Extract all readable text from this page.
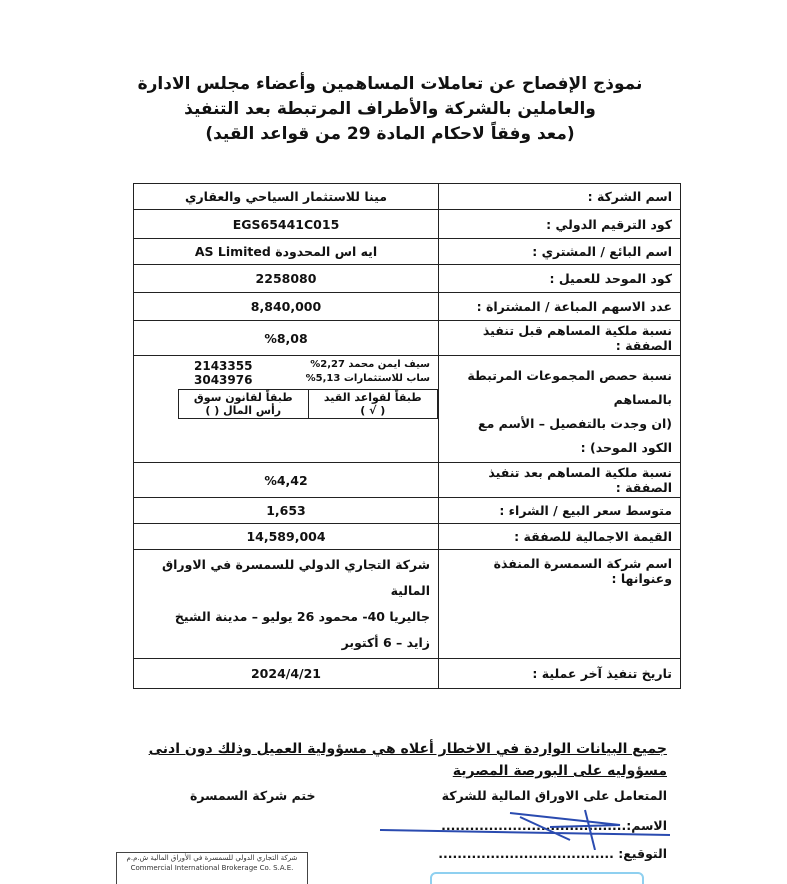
نموذج الإفصاح عن تعاملات المساهمين وأعضاء مجلس الادارة
والعاملين بالشركة والأطراف المرتبطة بعد التنفيذ
(معد وفقاً لاحكام المادة 29 من قواعد القيد)
اسم الشركة :	مينا للاستثمار السياحي والعقاري
كود الترقيم الدولي :	EGS65441C015
اسم البائع / المشتري :	ايه اس المحدودة AS Limited
كود الموحد للعميل :	2258080
عدد الاسهم المباعة / المشتراة :	8,840,000
نسبة ملكية المساهم قبل تنفيذ الصفقة :	%8,08

نسبة حصص المجموعات المرتبطة بالمساهم
(ان وجدت بالتفصيل – الأسم مع الكود الموحد) :

سيف ايمن محمد 2,27%
2143355
ساب للاستثمارات 5,13%
3043976
طبقاً لقواعد القيد
( √ )
	طبقاً لقانون سوق رأس المال ( )

نسبة ملكية المساهم بعد تنفيذ الصفقة :	%4,42
متوسط سعر البيع / الشراء :	1,653
القيمة الاجمالية للصفقة :	14,589,004
اسم شركة السمسرة المنفذة وعنوانها :	
شركة التجاري الدولي للسمسرة في الاوراق المالية
جاليريا 40- محمود 26 يوليو – مدينة الشيخ
زايد – 6 أكتوبر

تاريخ تنفيذ آخر عملية :	2024/4/21
جميع البيانات الواردة في الاخطار أعلاه هي مسؤولية العميل وذلك دون ادنى
مسؤوليه على البورصة المصرية
المتعامل على الاوراق المالية للشركة
ختم شركة السمسرة
الاسم:.......................................
التوقيع: .....................................
شركة التجاري الدولي للسمسرة في الأوراق المالية ش.م.م
Commercial International Brokerage Co. S.A.E.
